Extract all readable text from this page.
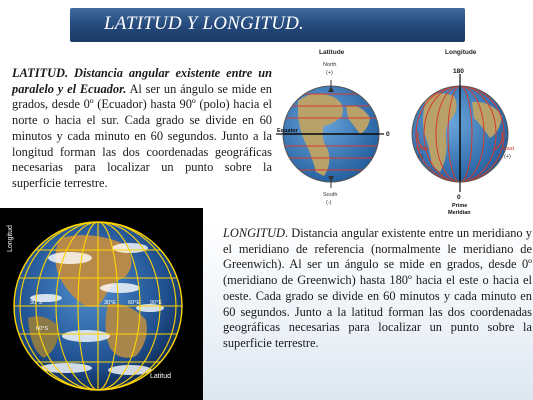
LATITUD Y LONGITUD.

LATITUD. Distancia angular existente entre un paralelo y el Ecuador. Al ser un ángulo se mide en grados, desde 0º (Ecuador) hasta 90º (polo) hacia el norte o hacia el sur. Cada grado se divide en 60 minutos y cada minuto en 60 segundos. Junto a la longitud forman las dos coordenadas geográficas necesarias para localizar un punto sobre la superficie terrestre.

Latitude
North
(+)
South
(-)
Equator	0
Longitude
180
West
(-)
East
(+)
0
Prime
Meridian
30°S
60°S
30°E 60°E 90°E
Longitud
Latitud

LONGITUD. Distancia angular existente entre un meridiano y el meridiano de referencia (normalmente le meridiano de Greenwich). Al ser un ángulo se mide en grados, desde 0º (meridiano de Greenwich) hasta 180º hacia el este o hacia el oeste. Cada grado se divide en 60 minutos y cada minuto en 60 segundos. Junto a la latitud forman las dos coordenadas geográficas necesarias para localizar un punto sobre la superficie terrestre.
